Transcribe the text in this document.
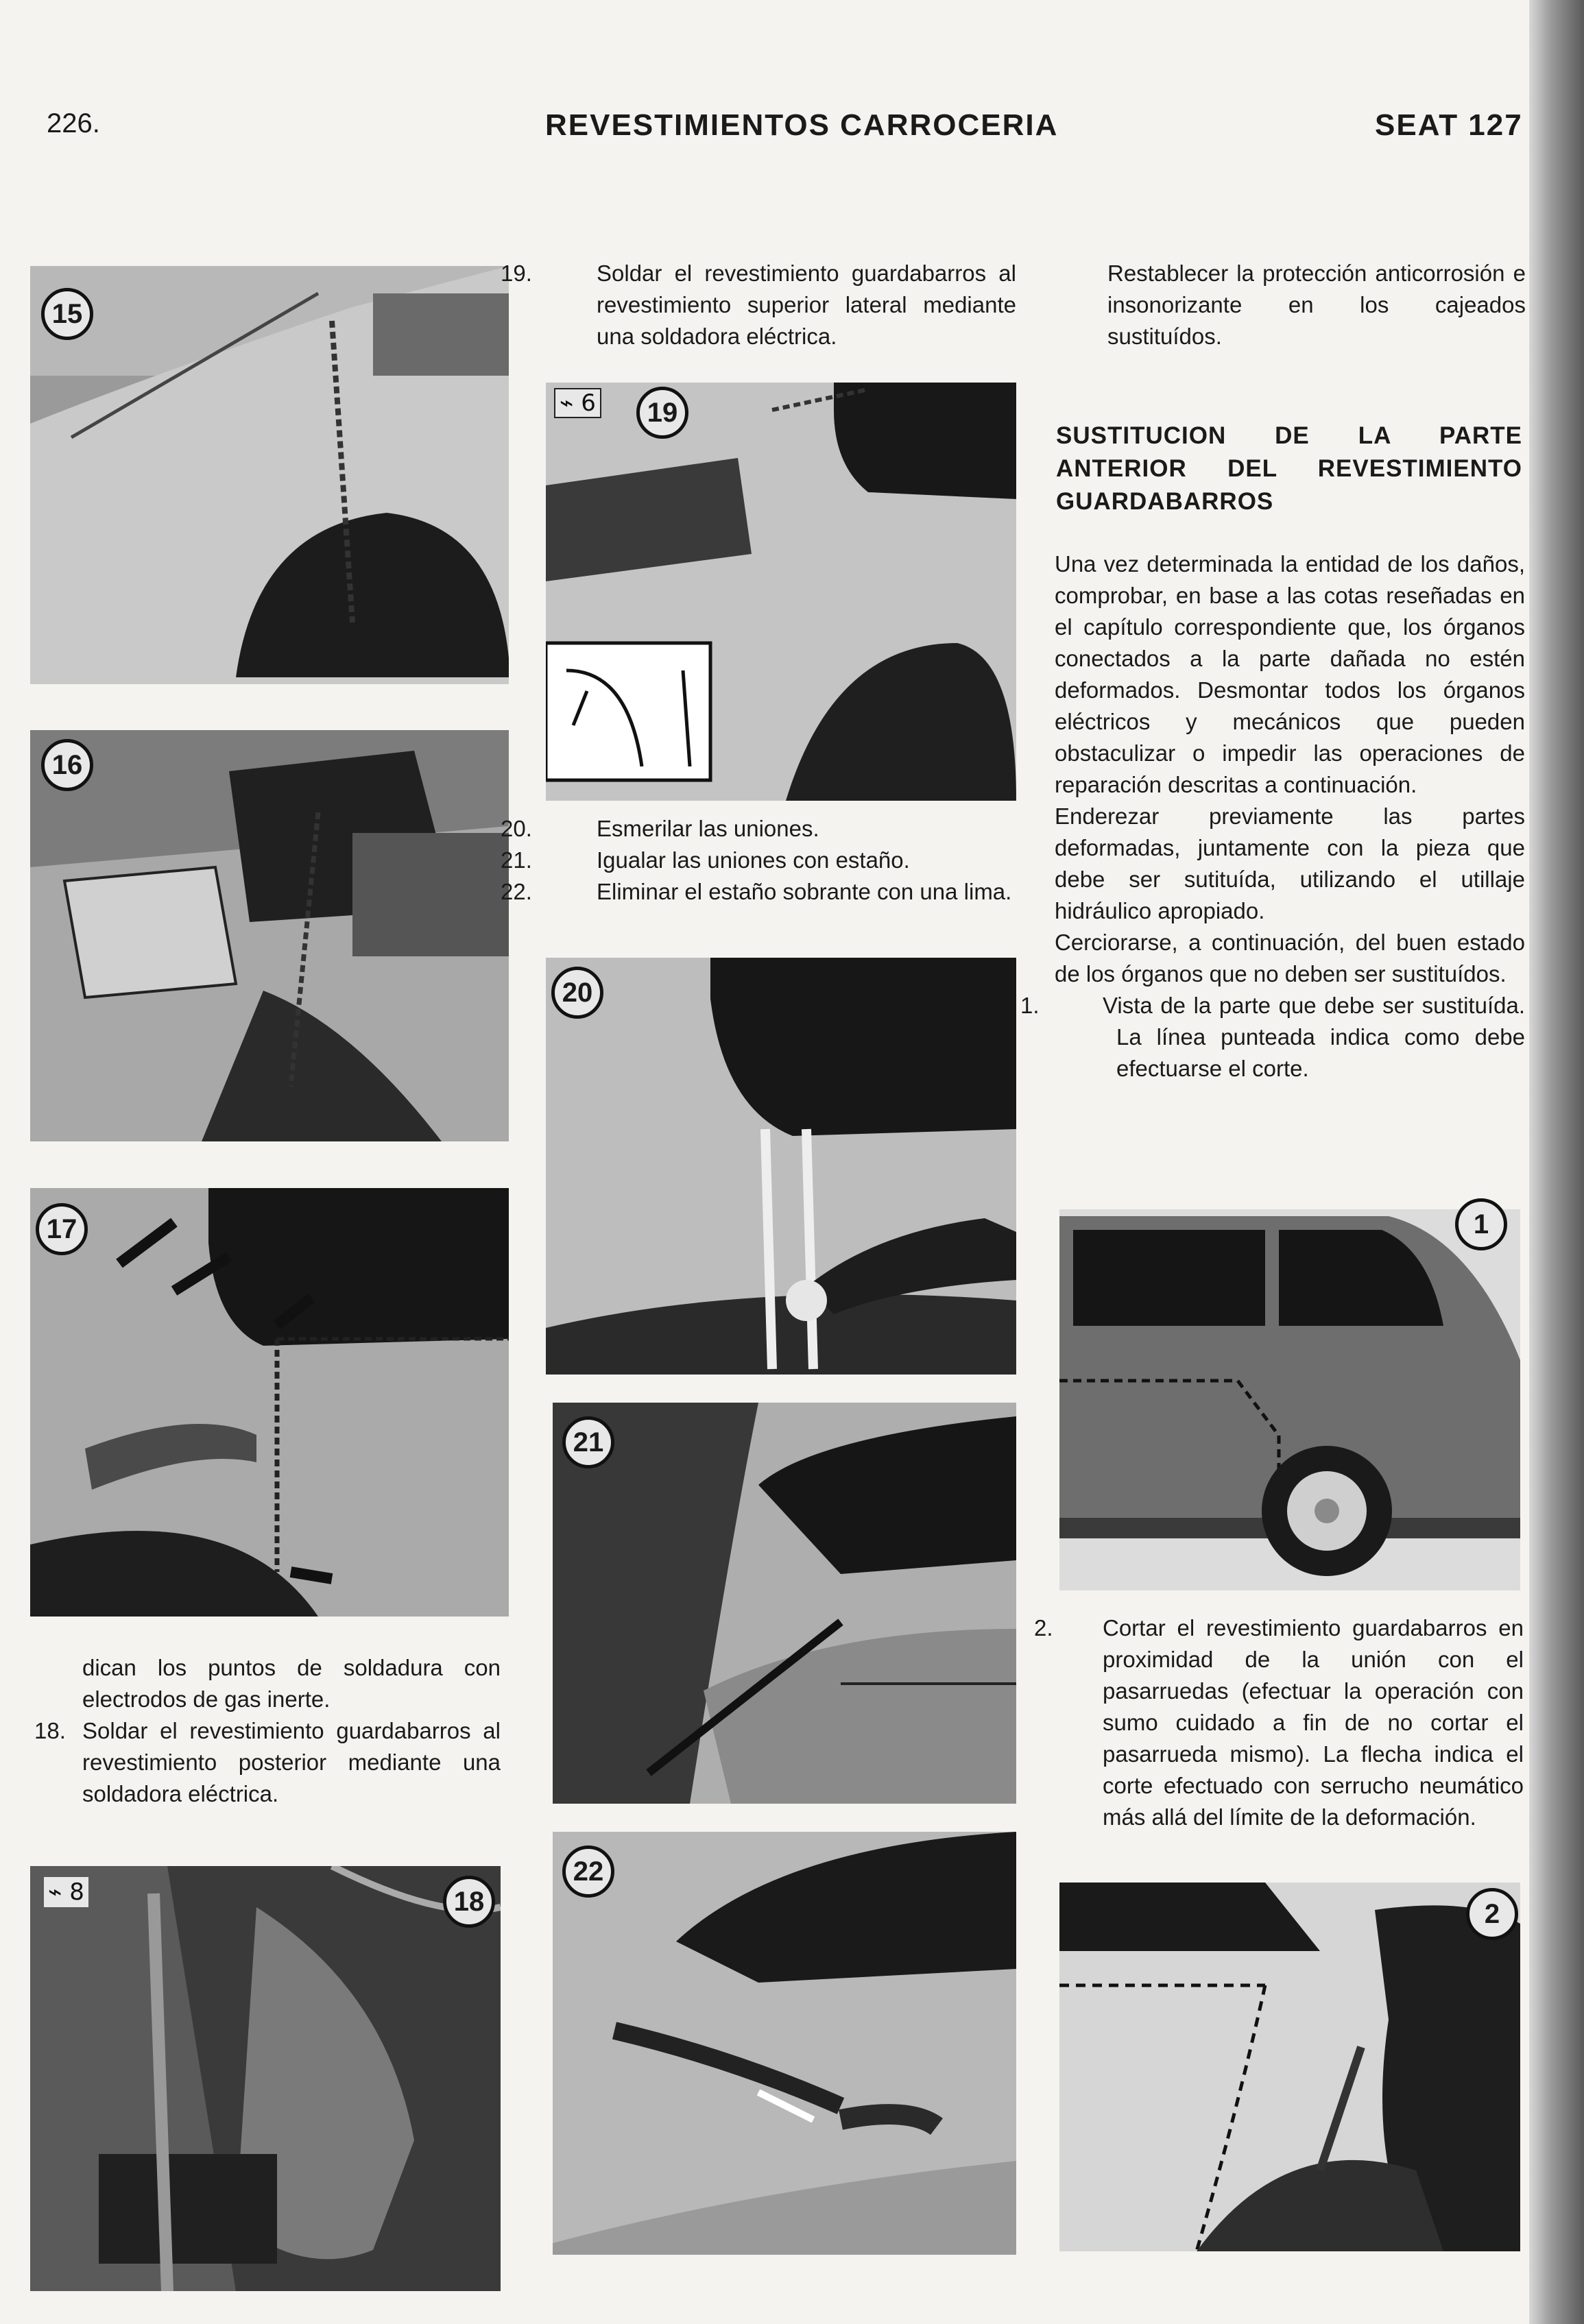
226.	REVESTIMIENTOS CARROCERIA	SEAT 127
15
16
17

dican los puntos de soldadura con electrodos de gas inerte.

18. Soldar el revestimiento guardabarros al revestimiento posterior mediante una soldadora eléctrica.

⌁ 8	18

19.	Soldar el revestimiento guardabarros al revestimiento superior lateral mediante una soldadora eléctrica.

⌁ 6	19

20.	Esmerilar las uniones.

21.	Igualar las uniones con estaño.

22.	Eliminar el estaño sobrante con una lima.

20
21
22

Restablecer la protección anticorrosión e insonorizante en los cajeados sustituídos.

SUSTITUCION DE LA PARTE ANTERIOR DEL REVESTIMIENTO GUARDABARROS

Una vez determinada la entidad de los daños, comprobar, en base a las cotas reseñadas en el capítulo correspondiente que, los órganos conectados a la parte dañada no estén deformados. Desmontar todos los órganos eléctricos y mecánicos que pueden obstaculizar o impedir las operaciones de reparación descritas a continuación.

Enderezar previamente las partes deformadas, juntamente con la pieza que debe ser sutituída, utilizando el utillaje hidráulico apropiado.

Cerciorarse, a continuación, del buen estado de los órganos que no deben ser sustituídos.

1.	Vista de la parte que debe ser sustituída. La línea punteada indica como debe efectuarse el corte.

1

2. Cortar el revestimiento guardabarros en proximidad de la unión con el pasarruedas (efectuar la operación con sumo cuidado a fin de no cortar el pasarrueda mismo). La flecha indica el corte efectuado con serrucho neumático más allá del límite de la deformación.

2
